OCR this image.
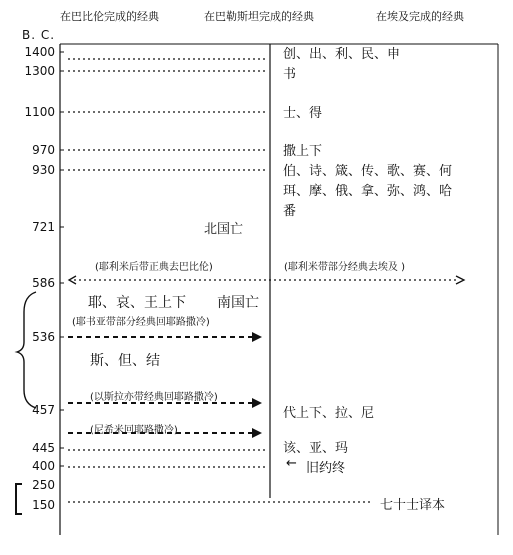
在巴比伦完成的经典	在巴勒斯坦完成的经典	在埃及完成的经典
B. C.
1400
1300
1100
970
930
721
586
536
457
445
400
250
150
创、出、利、民、申
书
士、得
撒上下
伯、诗、箴、传、歌、赛、何
珥、摩、俄、拿、弥、鸿、哈
番
北国亡
耶、哀、王上下 南国亡
斯、但、结
(耶利米后带正典去巴比伦)	(耶利米带部分经典去埃及 )
(耶书亚带部分经典回耶路撒冷)
(以斯拉亦带经典回耶路撒冷)
(尼希米回耶路撒冷)
代上下、拉、尼
该、亚、玛
← 旧约终
七十士译本
